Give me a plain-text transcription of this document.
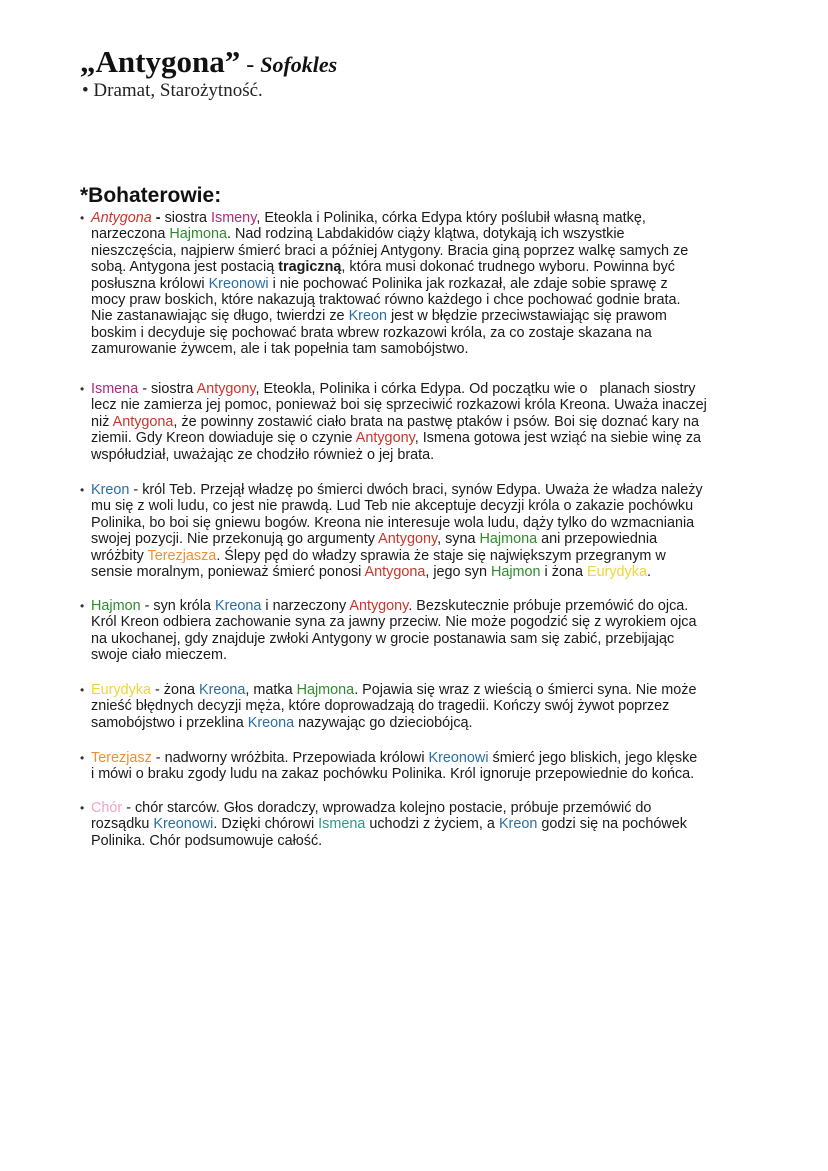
„Antygona” - Sofokles
• Dramat, Starożytność.
*Bohaterowie:
• Antygona - siostra Ismeny, Eteokla i Polinika, córka Edypa który poślubił własną matkę,
narzeczona Hajmona. Nad rodziną Labdakidów ciąży klątwa, dotykają ich wszystkie
nieszczęścia, najpierw śmierć braci a później Antygony. Bracia giną poprzez walkę samych ze
sobą. Antygona jest postacią tragiczną, która musi dokonać trudnego wyboru. Powinna być
posłuszna królowi Kreonowi i nie pochować Polinika jak rozkazał, ale zdaje sobie sprawę z
mocy praw boskich, które nakazują traktować równo każdego i chce pochować godnie brata.
Nie zastanawiając się długo, twierdzi ze Kreon jest w błędzie przeciwstawiając się prawom
boskim i decyduje się pochować brata wbrew rozkazowi króla, za co zostaje skazana na
zamurowanie żywcem, ale i tak popełnia tam samobójstwo.
• Ismena - siostra Antygony, Eteokla, Polinika i córka Edypa. Od początku wie o   planach siostry
lecz nie zamierza jej pomoc, ponieważ boi się sprzeciwić rozkazowi króla Kreona. Uważa inaczej
niż Antygona, że powinny zostawić ciało brata na pastwę ptaków i psów. Boi się doznać kary na
ziemii. Gdy Kreon dowiaduje się o czynie Antygony, Ismena gotowa jest wziąć na siebie winę za
współudział, uważając ze chodziło również o jej brata.
• Kreon - król Teb. Przejął władzę po śmierci dwóch braci, synów Edypa. Uważa że władza należy
mu się z woli ludu, co jest nie prawdą. Lud Teb nie akceptuje decyzji króla o zakazie pochówku
Polinika, bo boi się gniewu bogów. Kreona nie interesuje wola ludu, dąży tylko do wzmacniania
swojej pozycji. Nie przekonują go argumenty Antygony, syna Hajmona ani przepowiednia
wróżbity Terezjasza. Ślepy pęd do władzy sprawia że staje się największym przegranym w
sensie moralnym, ponieważ śmierć ponosi Antygona, jego syn Hajmon i żona Eurydyka.
• Hajmon - syn króla Kreona i narzeczony Antygony. Bezskutecznie próbuje przemówić do ojca.
Król Kreon odbiera zachowanie syna za jawny przeciw. Nie może pogodzić się z wyrokiem ojca
na ukochanej, gdy znajduje zwłoki Antygony w grocie postanawia sam się zabić, przebijając
swoje ciało mieczem.
• Eurydyka - żona Kreona, matka Hajmona. Pojawia się wraz z wieścią o śmierci syna. Nie może
znieść błędnych decyzji męża, które doprowadzają do tragedii. Kończy swój żywot poprzez
samobójstwo i przeklina Kreona nazywając go dzieciobójcą.
• Terezjasz - nadworny wróżbita. Przepowiada królowi Kreonowi śmierć jego bliskich, jego klęske
i mówi o braku zgody ludu na zakaz pochówku Polinika. Król ignoruje przepowiednie do końca.
• Chór - chór starców. Głos doradczy, wprowadza kolejno postacie, próbuje przemówić do
rozsądku Kreonowi. Dzięki chórowi Ismena uchodzi z życiem, a Kreon godzi się na pochówek
Polinika. Chór podsumowuje całość.
